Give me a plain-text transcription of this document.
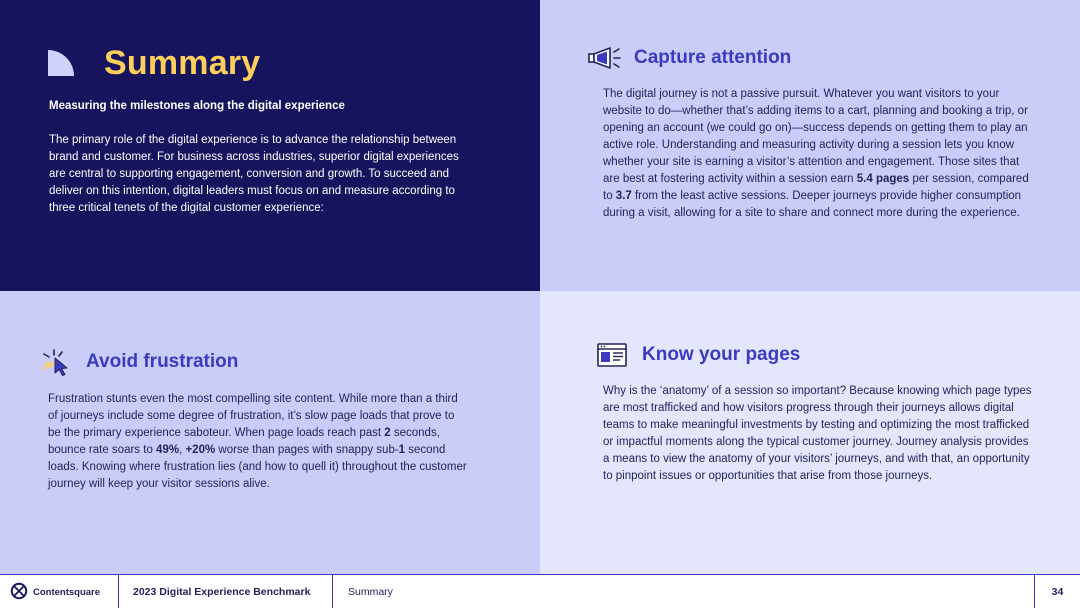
Summary

Measuring the milestones along the digital experience

The primary role of the digital experience is to advance the relationship between brand and customer. For business across industries, superior digital experiences are central to supporting engagement, conversion and growth. To succeed and deliver on this intention, digital leaders must focus on and measure according to three critical tenets of the digital customer experience:

Capture attention

The digital journey is not a passive pursuit. Whatever you want visitors to your website to do—whether that’s adding items to a cart, planning and booking a trip, or opening an account (we could go on)—success depends on getting them to play an active role. Understanding and measuring activity during a session lets you know whether your site is earning a visitor’s attention and engagement. Those sites that are best at fostering activity within a session earn 5.4 pages per session, compared to 3.7 from the least active sessions. Deeper journeys provide higher consumption during a visit, allowing for a site to share and connect more during the experience.

Avoid frustration

Frustration stunts even the most compelling site content. While more than a third of journeys include some degree of frustration, it’s slow page loads that prove to be the primary experience saboteur. When page loads reach past 2 seconds, bounce rate soars to 49%, +20% worse than pages with snappy sub-1 second loads. Knowing where frustration lies (and how to quell it) throughout the customer journey will keep your visitor sessions alive.

Know your pages

Why is the ‘anatomy’ of a session so important? Because knowing which page types are most trafficked and how visitors progress through their journeys allows digital teams to make meaningful investments by testing and optimizing the most trafficked or impactful moments along the typical customer journey. Journey analysis provides a means to view the anatomy of your visitors’ journeys, and with that, an opportunity to pinpoint issues or opportunities that arise from those journeys.

Contentsquare	2023 Digital Experience Benchmark	Summary	34
